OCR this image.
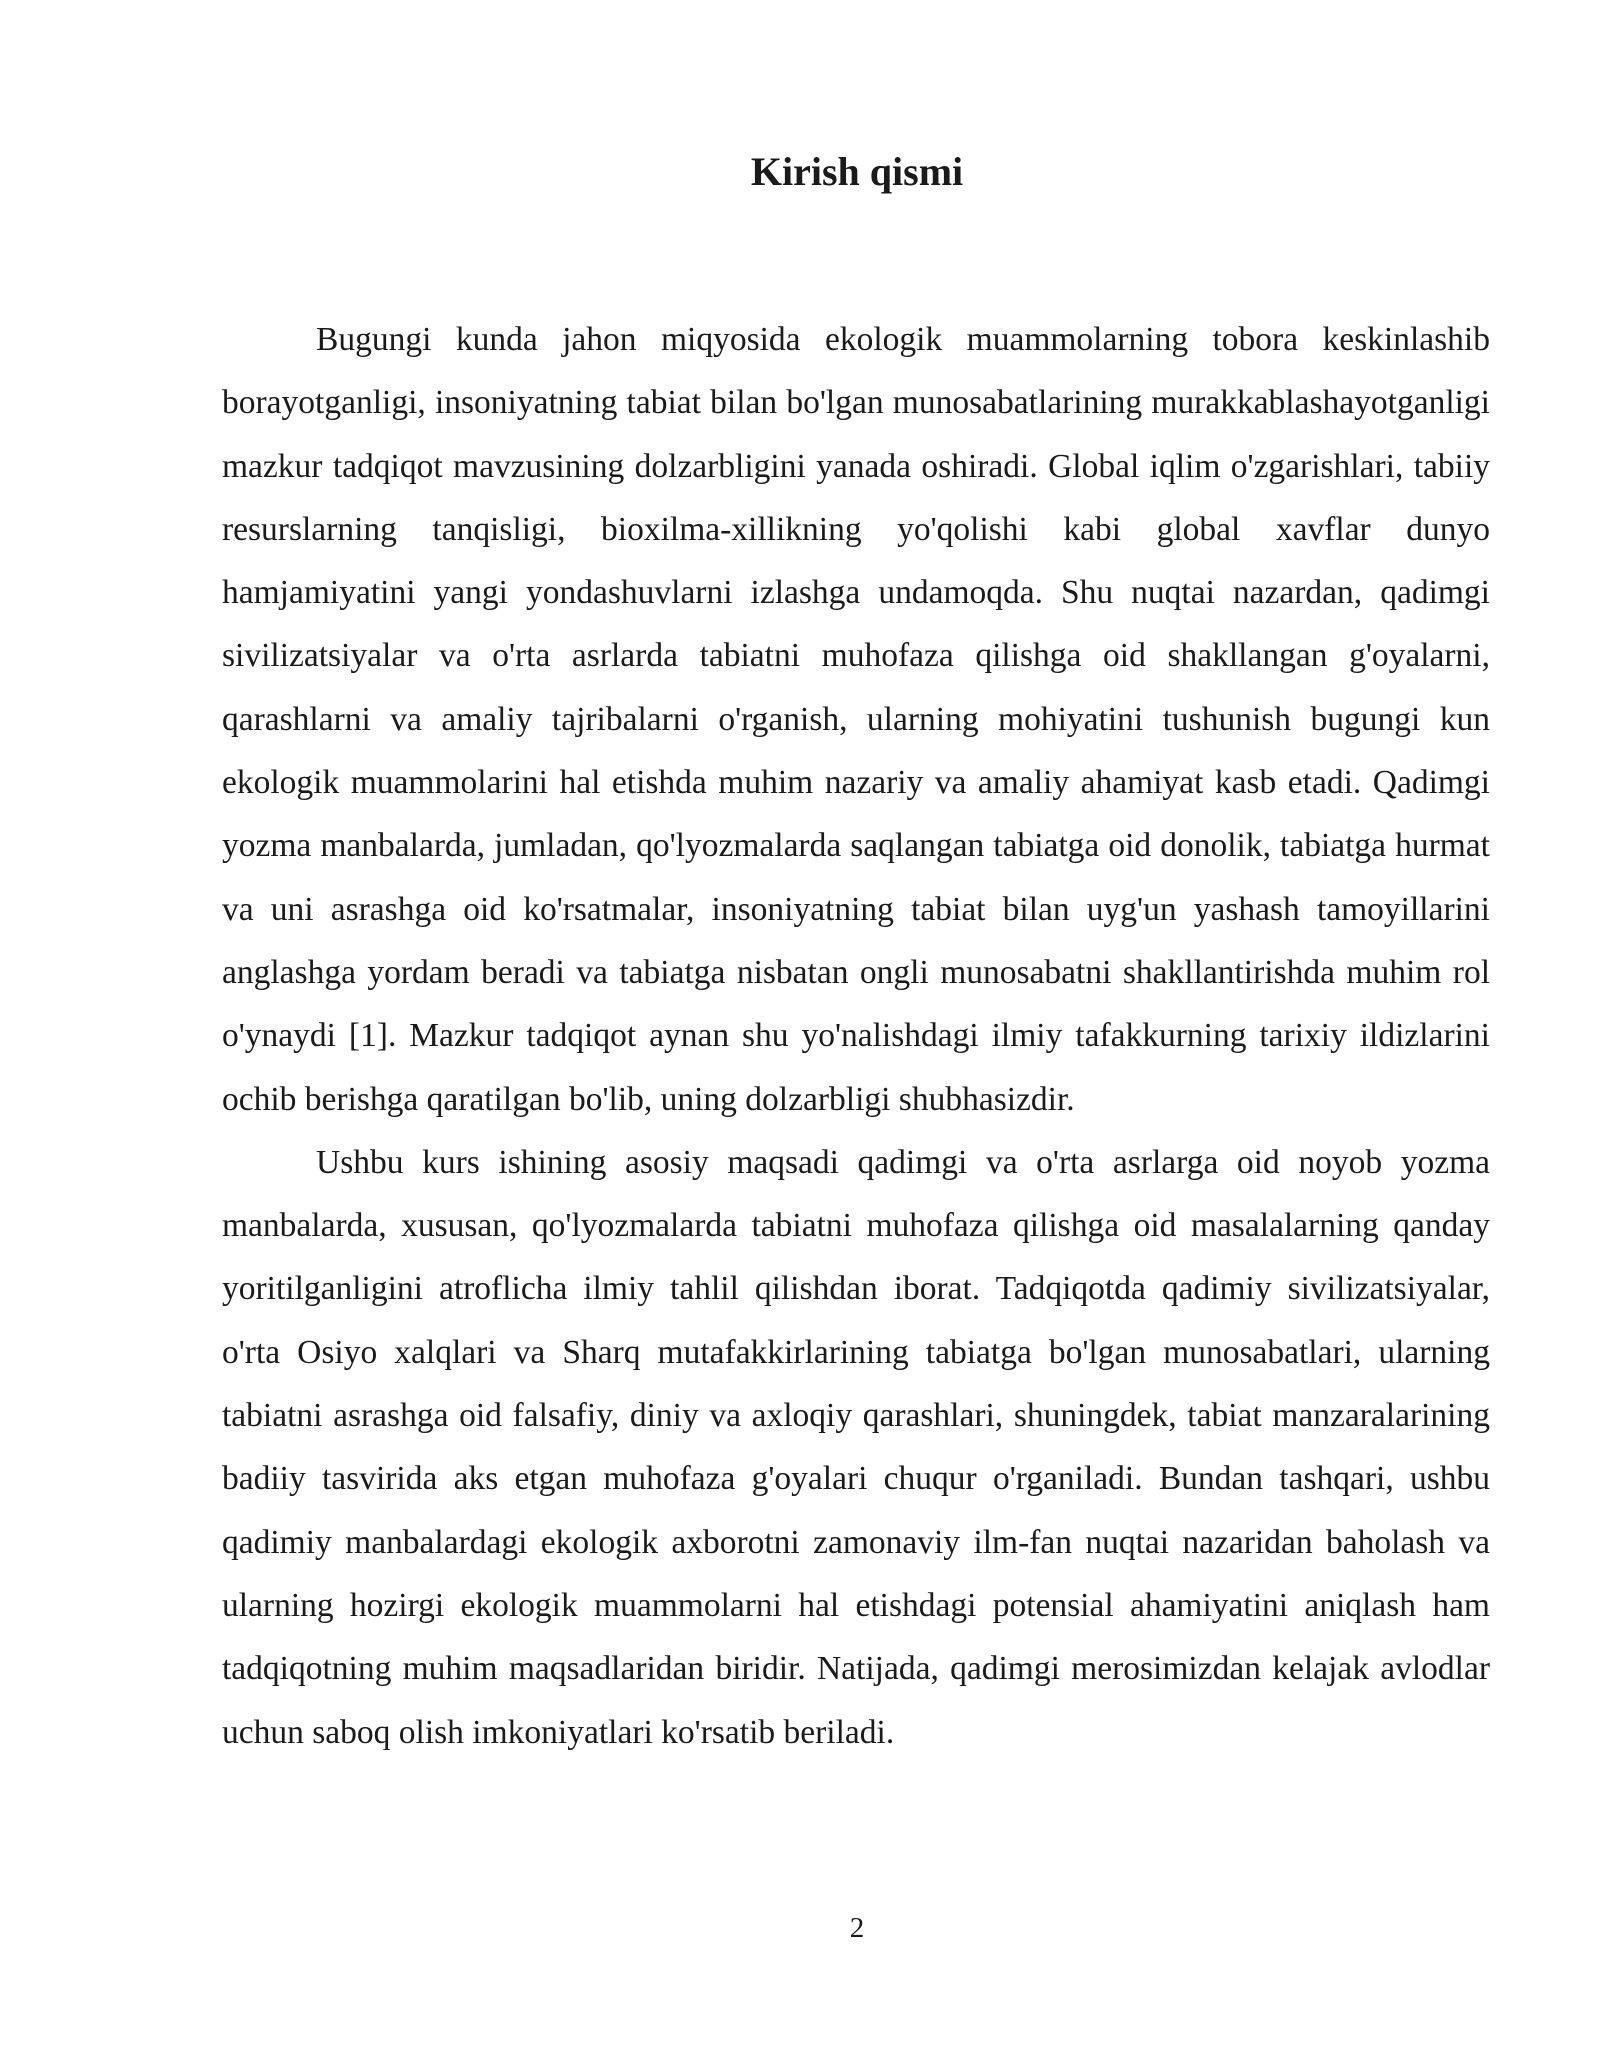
Kirish qismi

Bugungi kunda jahon miqyosida ekologik muammolarning tobora keskinlashib borayotganligi, insoniyatning tabiat bilan bo'lgan munosabatlarining murakkablashayotganligi mazkur tadqiqot mavzusining dolzarbligini yanada oshiradi. Global iqlim o'zgarishlari, tabiiy resurslarning tanqisligi, bioxilma-xillikning yo'qolishi kabi global xavflar dunyo hamjamiyatini yangi yondashuvlarni izlashga undamoqda. Shu nuqtai nazardan, qadimgi sivilizatsiyalar va o'rta asrlarda tabiatni muhofaza qilishga oid shakllangan g'oyalarni, qarashlarni va amaliy tajribalarni o'rganish, ularning mohiyatini tushunish bugungi kun ekologik muammolarini hal etishda muhim nazariy va amaliy ahamiyat kasb etadi. Qadimgi yozma manbalarda, jumladan, qo'lyozmalarda saqlangan tabiatga oid donolik, tabiatga hurmat va uni asrashga oid ko'rsatmalar, insoniyatning tabiat bilan uyg'un yashash tamoyillarini anglashga yordam beradi va tabiatga nisbatan ongli munosabatni shakllantirishda muhim rol o'ynaydi [1]. Mazkur tadqiqot aynan shu yo'nalishdagi ilmiy tafakkurning tarixiy ildizlarini ochib berishga qaratilgan bo'lib, uning dolzarbligi shubhasizdir.

Ushbu kurs ishining asosiy maqsadi qadimgi va o'rta asrlarga oid noyob yozma manbalarda, xususan, qo'lyozmalarda tabiatni muhofaza qilishga oid masalalarning qanday yoritilganligini atroflicha ilmiy tahlil qilishdan iborat. Tadqiqotda qadimiy sivilizatsiyalar, o'rta Osiyo xalqlari va Sharq mutafakkirlarining tabiatga bo'lgan munosabatlari, ularning tabiatni asrashga oid falsafiy, diniy va axloqiy qarashlari, shuningdek, tabiat manzaralarining badiiy tasvirida aks etgan muhofaza g'oyalari chuqur o'rganiladi. Bundan tashqari, ushbu qadimiy manbalardagi ekologik axborotni zamonaviy ilm-fan nuqtai nazaridan baholash va ularning hozirgi ekologik muammolarni hal etishdagi potensial ahamiyatini aniqlash ham tadqiqotning muhim maqsadlaridan biridir. Natijada, qadimgi merosimizdan kelajak avlodlar uchun saboq olish imkoniyatlari ko'rsatib beriladi.

2
